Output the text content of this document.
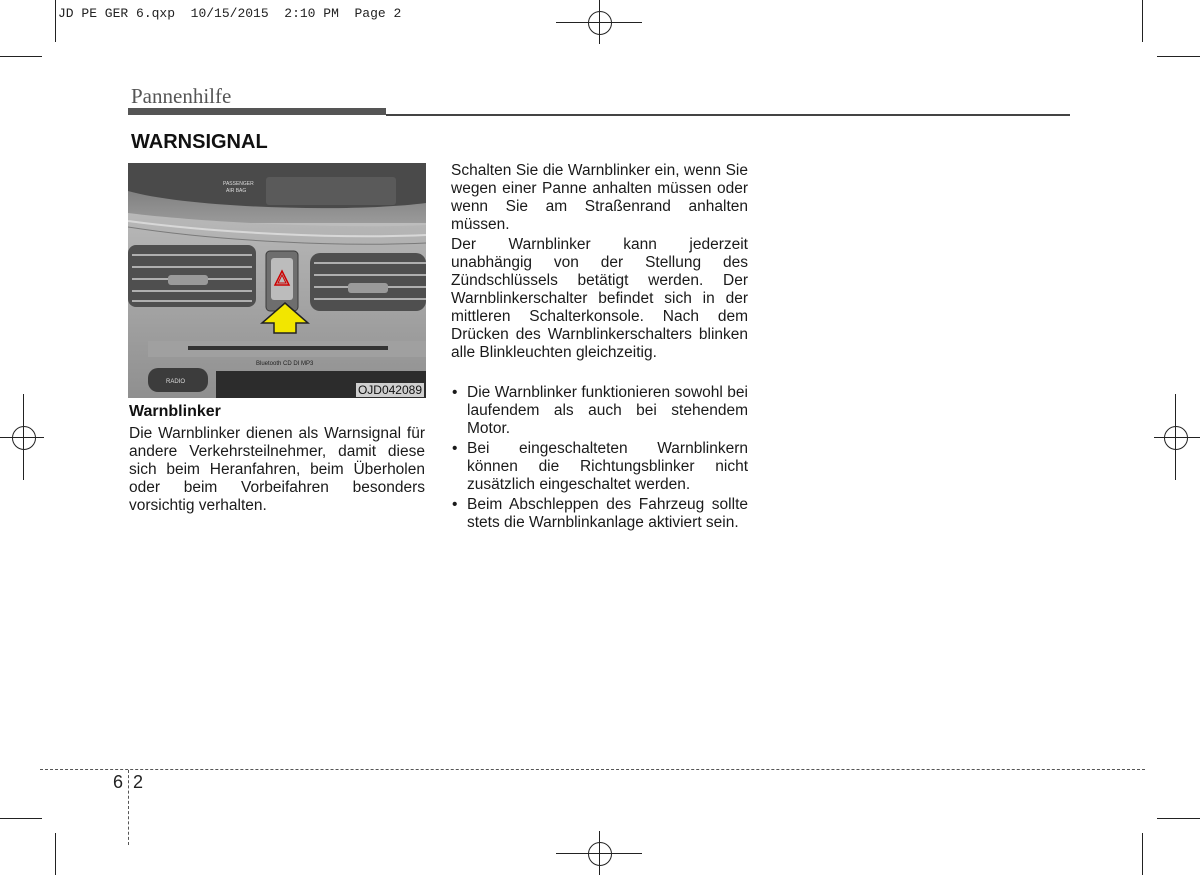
JD PE GER 6.qxp 10/15/2015 2:10 PM Page 2
Pannenhilfe
WARNSIGNAL
PASSENGER
AIR BAG
Bluetooth CD DI MP3
RADIO
OJD042089
Warnblinker

Die Warnblinker dienen als Warnsignal für andere Verkehrsteilnehmer, damit diese sich beim Heranfahren, beim Überholen oder beim Vorbeifahren besonders vorsichtig verhalten.

Schalten Sie die Warnblinker ein, wenn Sie wegen einer Panne anhalten müssen oder wenn Sie am Straßenrand anhalten müssen.

Der Warnblinker kann jederzeit unabhängig von der Stellung des Zündschlüssels betätigt werden. Der Warnblinkerschalter befindet sich in der mittleren Schalterkonsole. Nach dem Drücken des Warnblinkerschalters blinken alle Blinkleuchten gleichzeitig.

• Die Warnblinker funktionieren sowohl bei laufendem als auch bei stehendem Motor.
• Bei eingeschalteten Warnblinkern können die Richtungsblinker nicht zusätzlich eingeschaltet werden.
• Beim Abschleppen des Fahrzeug sollte stets die Warnblinkanlage aktiviert sein.
6 2
